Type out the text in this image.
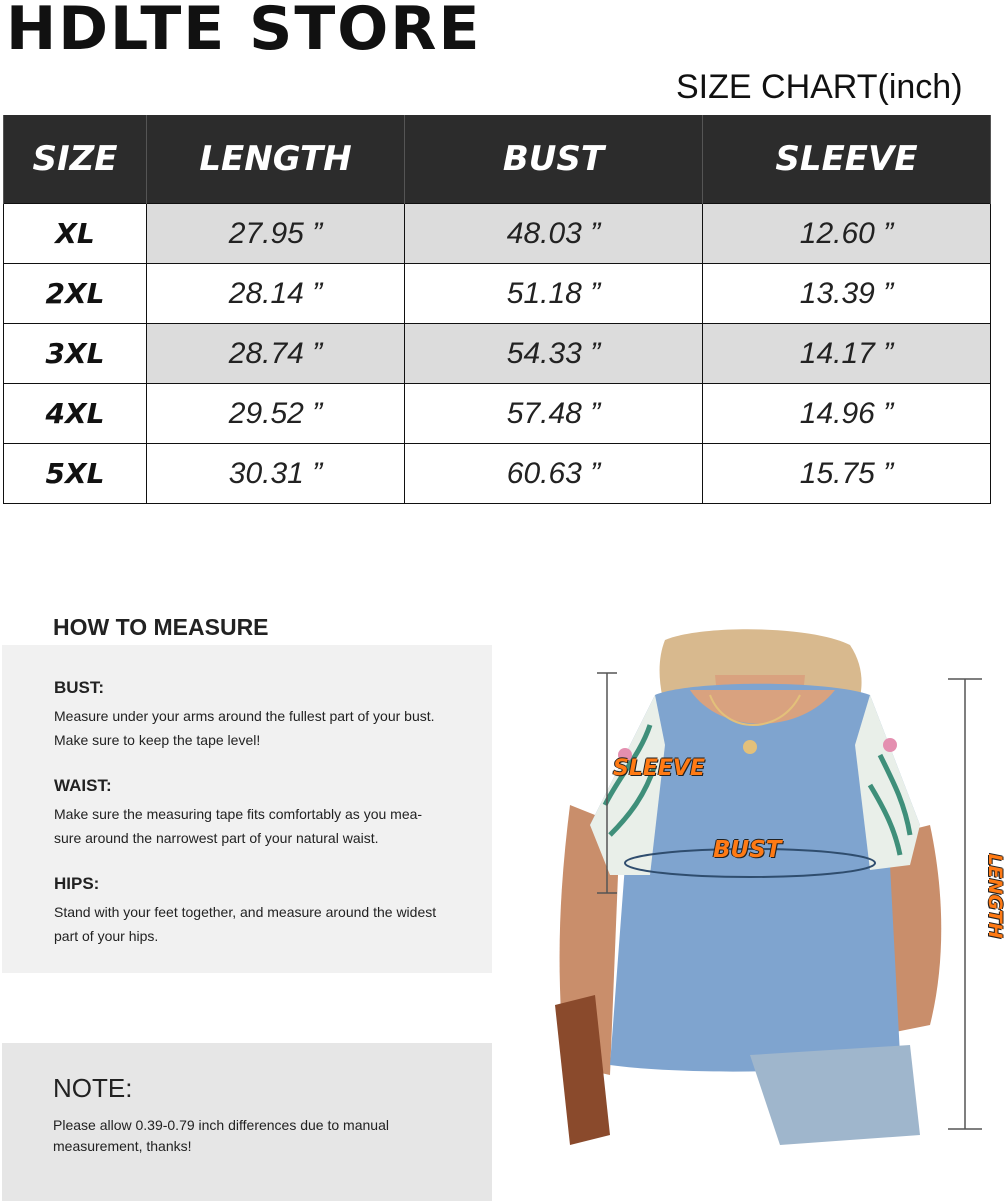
HDLTE STORE
SIZE CHART(inch)
SIZE	LENGTH	BUST	SLEEVE
XL	27.95 ”	48.03 ”	12.60 ”
2XL	28.14 ”	51.18 ”	13.39 ”
3XL	28.74 ”	54.33 ”	14.17 ”
4XL	29.52 ”	57.48 ”	14.96 ”
5XL	30.31 ”	60.63 ”	15.75 ”
HOW TO MEASURE
BUST:

Measure under your arms around the fullest part of your bust.

Make sure to keep the tape level!

WAIST:

Make sure the measuring tape fits comfortably as you mea-

sure around the narrowest part of your natural waist.

HIPS:

Stand with your feet together, and measure around the widest

part of your hips.

NOTE:

Please allow 0.39-0.79 inch differences due to manual
measurement, thanks!

SLEEVE
BUST
LENGTH
